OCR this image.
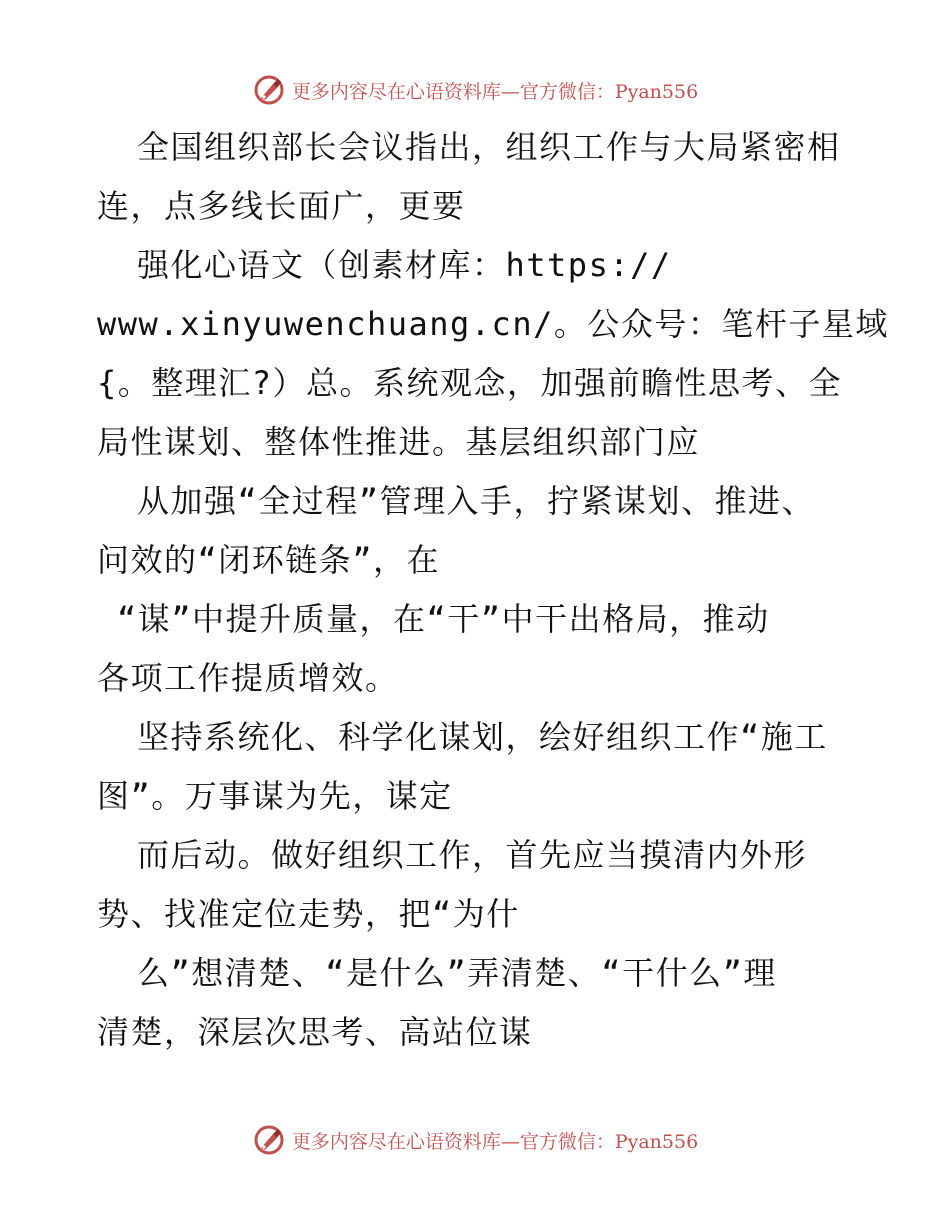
更多内容尽在心语资料库—官方微信：Pyan556
全国组织部长会议指出，组织工作与大局紧密相
连，点多线长面广，更要
强化心语文（创素材库：https://
www.xinyuwenchuang.cn/。公众号：笔杆子星域
{。整理汇?）总。系统观念，加强前瞻性思考、全
局性谋划、整体性推进。基层组织部门应
从加强“全过程”管理入手，拧紧谋划、推进、
问效的“闭环链条”，在
“谋”中提升质量，在“干”中干出格局，推动
各项工作提质增效。
坚持系统化、科学化谋划，绘好组织工作“施工
图”。万事谋为先，谋定
而后动。做好组织工作，首先应当摸清内外形
势、找准定位走势，把“为什
么”想清楚、“是什么”弄清楚、“干什么”理
清楚，深层次思考、高站位谋
更多内容尽在心语资料库—官方微信：Pyan556
